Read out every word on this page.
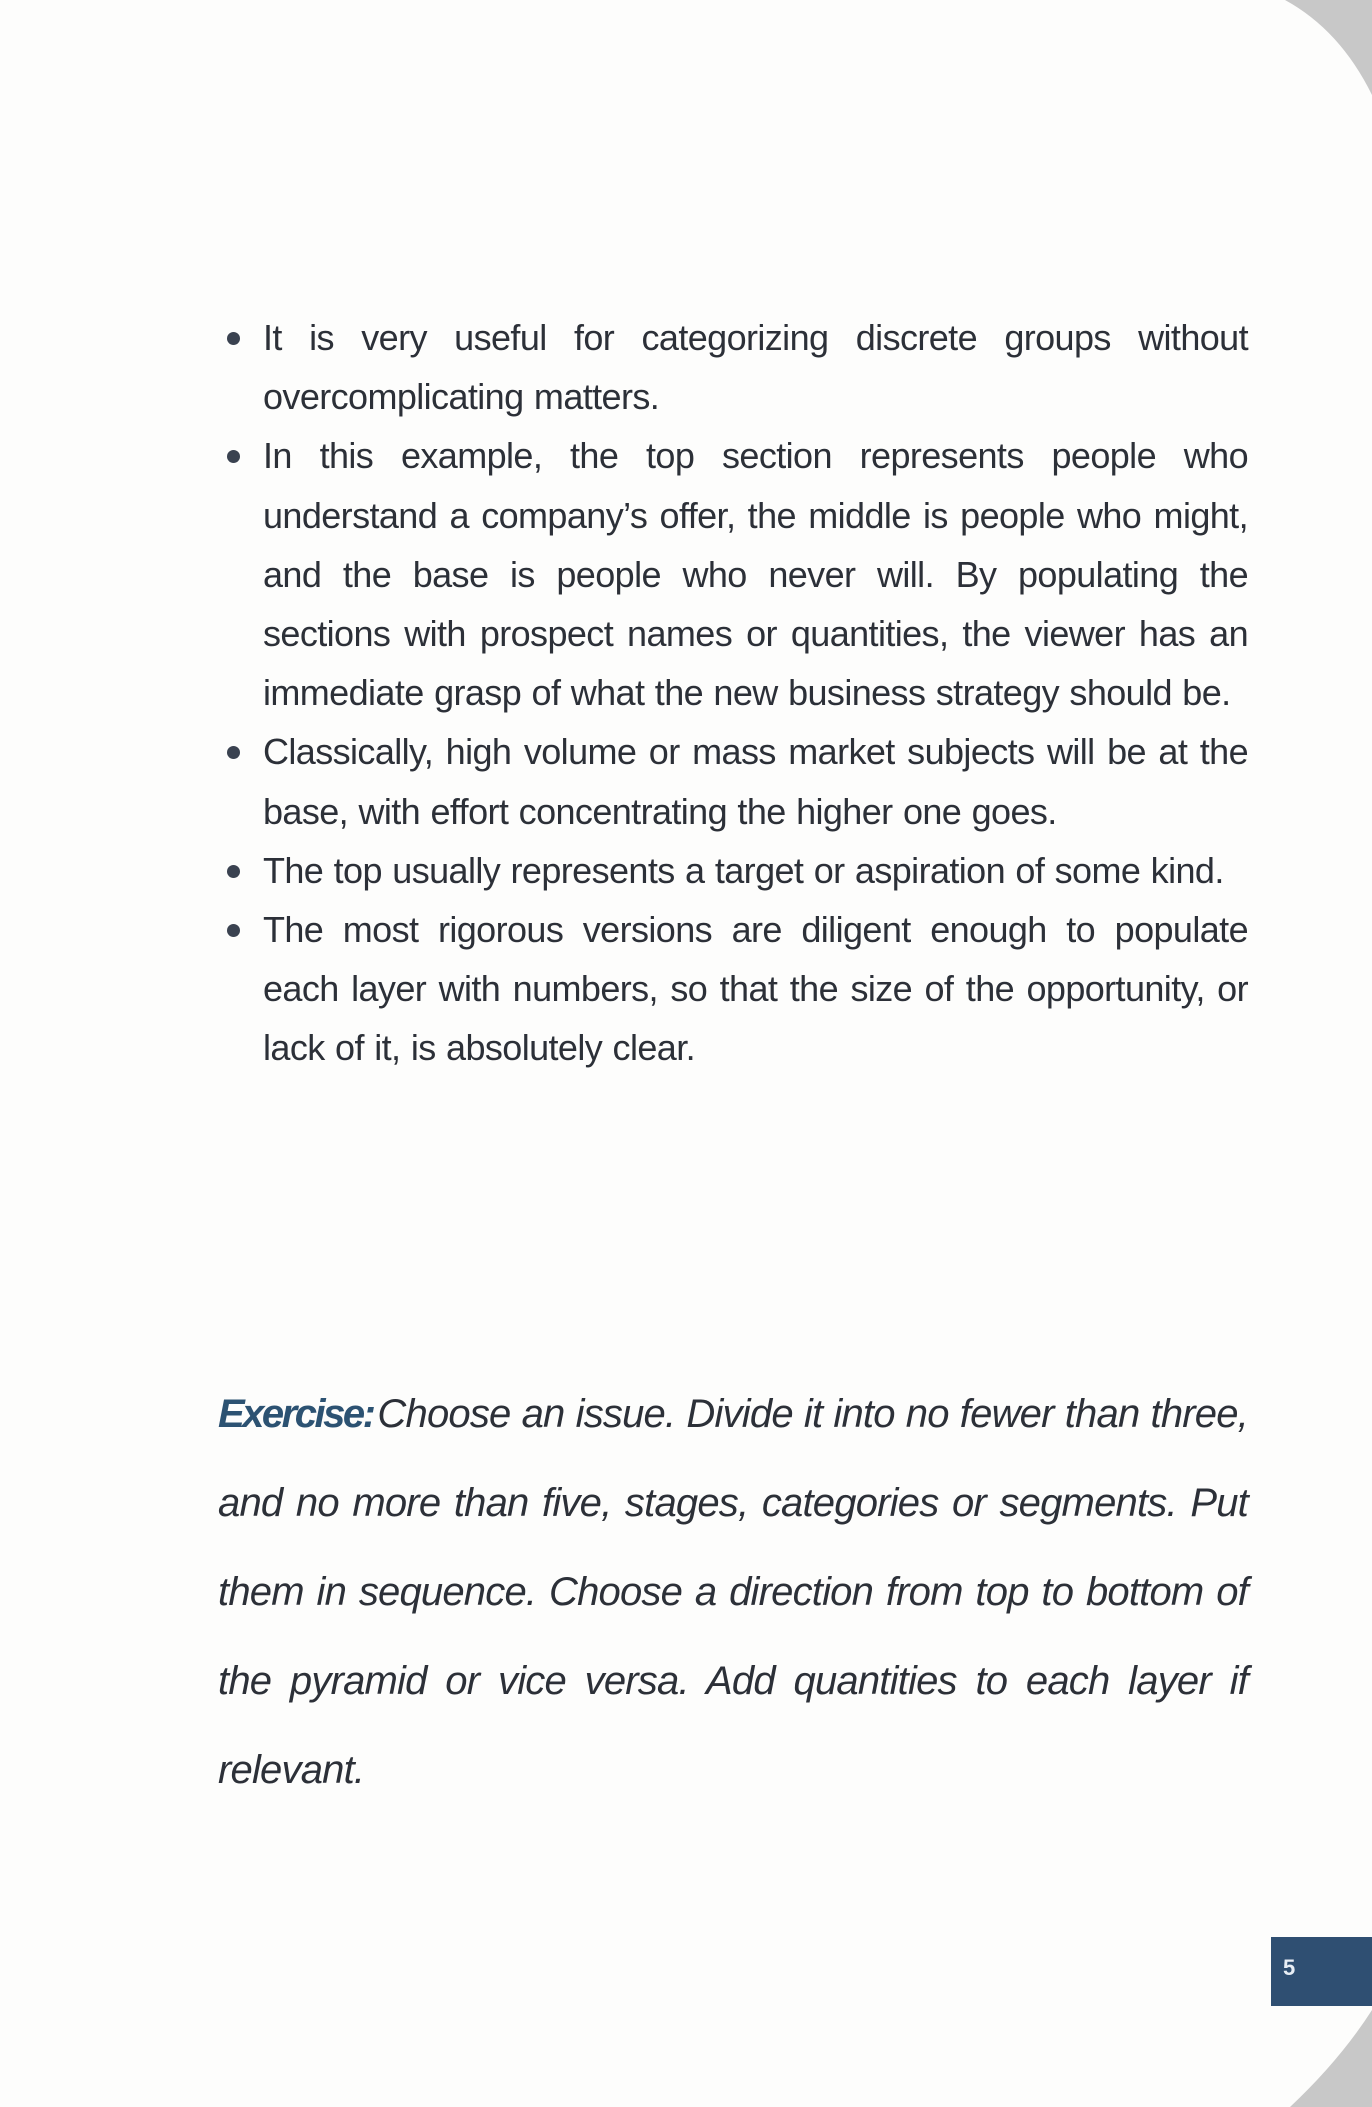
It is very useful for categorizing discrete groups without overcomplicating matters.
In this example, the top section represents people who understand a company’s offer, the middle is people who might, and the base is people who never will. By populating the sections with prospect names or quantities, the viewer has an immediate grasp of what the new business strategy should be.
Classically, high volume or mass market subjects will be at the base, with effort concentrating the higher one goes.
The top usually represents a target or aspiration of some kind.
The most rigorous versions are diligent enough to populate each layer with numbers, so that the size of the opportunity, or lack of it, is absolutely clear.
Exercise: Choose an issue. Divide it into no fewer than three, and no more than five, stages, categories or segments. Put them in sequence. Choose a direction from top to bottom of the pyramid or vice versa. Add quantities to each layer if relevant.
5
